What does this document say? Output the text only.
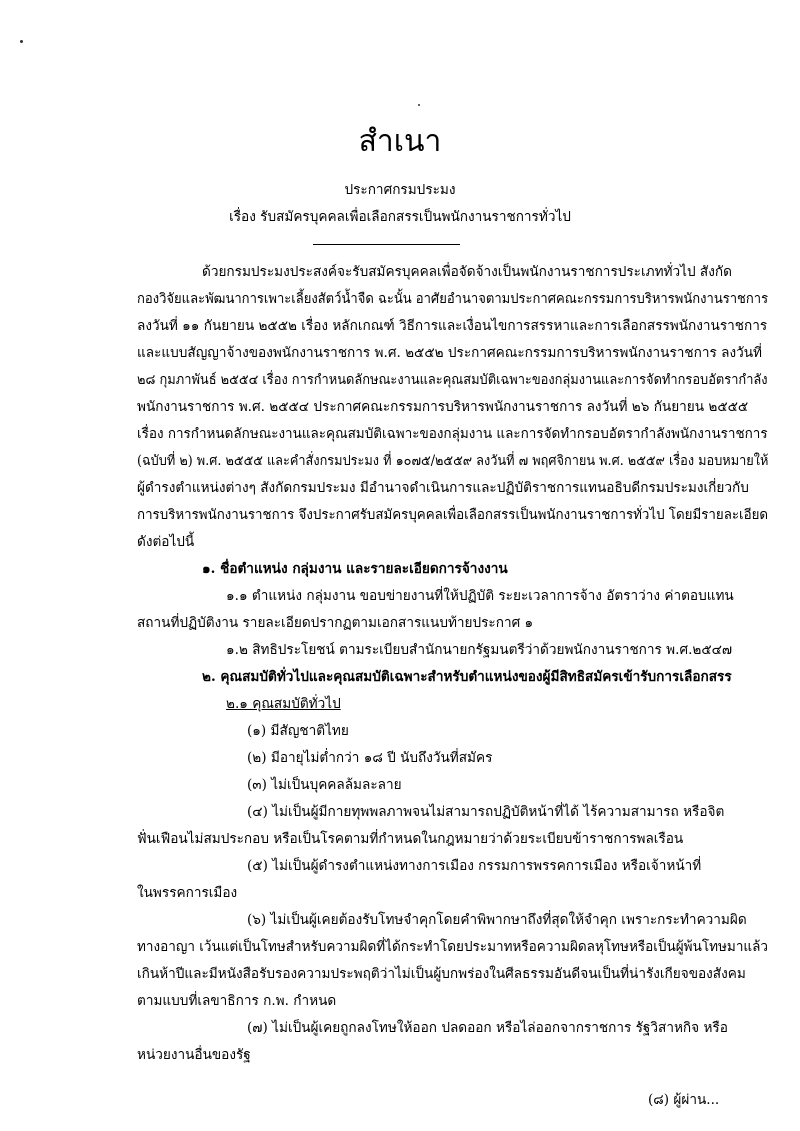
สำเนา
ประกาศกรมประมง
เรื่อง รับสมัครบุคคลเพื่อเลือกสรรเป็นพนักงานราชการทั่วไป
ด้วยกรมประมงประสงค์จะรับสมัครบุคคลเพื่อจัดจ้างเป็นพนักงานราชการประเภททั่วไป สังกัด
กองวิจัยและพัฒนาการเพาะเลี้ยงสัตว์น้ำจืด ฉะนั้น อาศัยอำนาจตามประกาศคณะกรรมการบริหารพนักงานราชการ
ลงวันที่ ๑๑ กันยายน ๒๕๕๒ เรื่อง หลักเกณฑ์ วิธีการและเงื่อนไขการสรรหาและการเลือกสรรพนักงานราชการ
และแบบสัญญาจ้างของพนักงานราชการ พ.ศ. ๒๕๕๒ ประกาศคณะกรรมการบริหารพนักงานราชการ ลงวันที่
๒๘ กุมภาพันธ์ ๒๕๕๔ เรื่อง การกำหนดลักษณะงานและคุณสมบัติเฉพาะของกลุ่มงานและการจัดทำกรอบอัตรากำลัง
พนักงานราชการ พ.ศ. ๒๕๕๔ ประกาศคณะกรรมการบริหารพนักงานราชการ ลงวันที่ ๒๖ กันยายน ๒๕๕๕
เรื่อง การกำหนดลักษณะงานและคุณสมบัติเฉพาะของกลุ่มงาน และการจัดทำกรอบอัตรากำลังพนักงานราชการ
(ฉบับที่ ๒) พ.ศ. ๒๕๕๕ และคำสั่งกรมประมง ที่ ๑๐๗๕/๒๕๕๙ ลงวันที่ ๗ พฤศจิกายน พ.ศ. ๒๕๕๙ เรื่อง มอบหมายให้
ผู้ดำรงตำแหน่งต่างๆ สังกัดกรมประมง มีอำนาจดำเนินการและปฏิบัติราชการแทนอธิบดีกรมประมงเกี่ยวกับ
การบริหารพนักงานราชการ จึงประกาศรับสมัครบุคคลเพื่อเลือกสรรเป็นพนักงานราชการทั่วไป โดยมีรายละเอียด
ดังต่อไปนี้
๑. ชื่อตำแหน่ง กลุ่มงาน และรายละเอียดการจ้างงาน
๑.๑ ตำแหน่ง กลุ่มงาน ขอบข่ายงานที่ให้ปฏิบัติ ระยะเวลาการจ้าง อัตราว่าง ค่าตอบแทน
สถานที่ปฏิบัติงาน รายละเอียดปรากฏตามเอกสารแนบท้ายประกาศ ๑
๑.๒ สิทธิประโยชน์ ตามระเบียบสำนักนายกรัฐมนตรีว่าด้วยพนักงานราชการ พ.ศ.๒๕๔๗
๒. คุณสมบัติทั่วไปและคุณสมบัติเฉพาะสำหรับตำแหน่งของผู้มีสิทธิสมัครเข้ารับการเลือกสรร
๒.๑ คุณสมบัติทั่วไป
(๑) มีสัญชาติไทย
(๒) มีอายุไม่ต่ำกว่า ๑๘ ปี นับถึงวันที่สมัคร
(๓) ไม่เป็นบุคคลล้มละลาย
(๔) ไม่เป็นผู้มีกายทุพพลภาพจนไม่สามารถปฏิบัติหน้าที่ได้ ไร้ความสามารถ หรือจิต
ฟั่นเฟือนไม่สมประกอบ หรือเป็นโรคตามที่กำหนดในกฎหมายว่าด้วยระเบียบข้าราชการพลเรือน
(๕) ไม่เป็นผู้ดำรงตำแหน่งทางการเมือง กรรมการพรรคการเมือง หรือเจ้าหน้าที่
ในพรรคการเมือง
(๖) ไม่เป็นผู้เคยต้องรับโทษจำคุกโดยคำพิพากษาถึงที่สุดให้จำคุก เพราะกระทำความผิด
ทางอาญา เว้นแต่เป็นโทษสำหรับความผิดที่ได้กระทำโดยประมาทหรือความผิดลหุโทษหรือเป็นผู้พ้นโทษมาแล้ว
เกินห้าปีและมีหนังสือรับรองความประพฤติว่าไม่เป็นผู้บกพร่องในศีลธรรมอันดีจนเป็นที่น่ารังเกียจของสังคม
ตามแบบที่เลขาธิการ ก.พ. กำหนด
(๗) ไม่เป็นผู้เคยถูกลงโทษให้ออก ปลดออก หรือไล่ออกจากราชการ รัฐวิสาหกิจ หรือ
หน่วยงานอื่นของรัฐ
(๘) ผู้ผ่าน...
